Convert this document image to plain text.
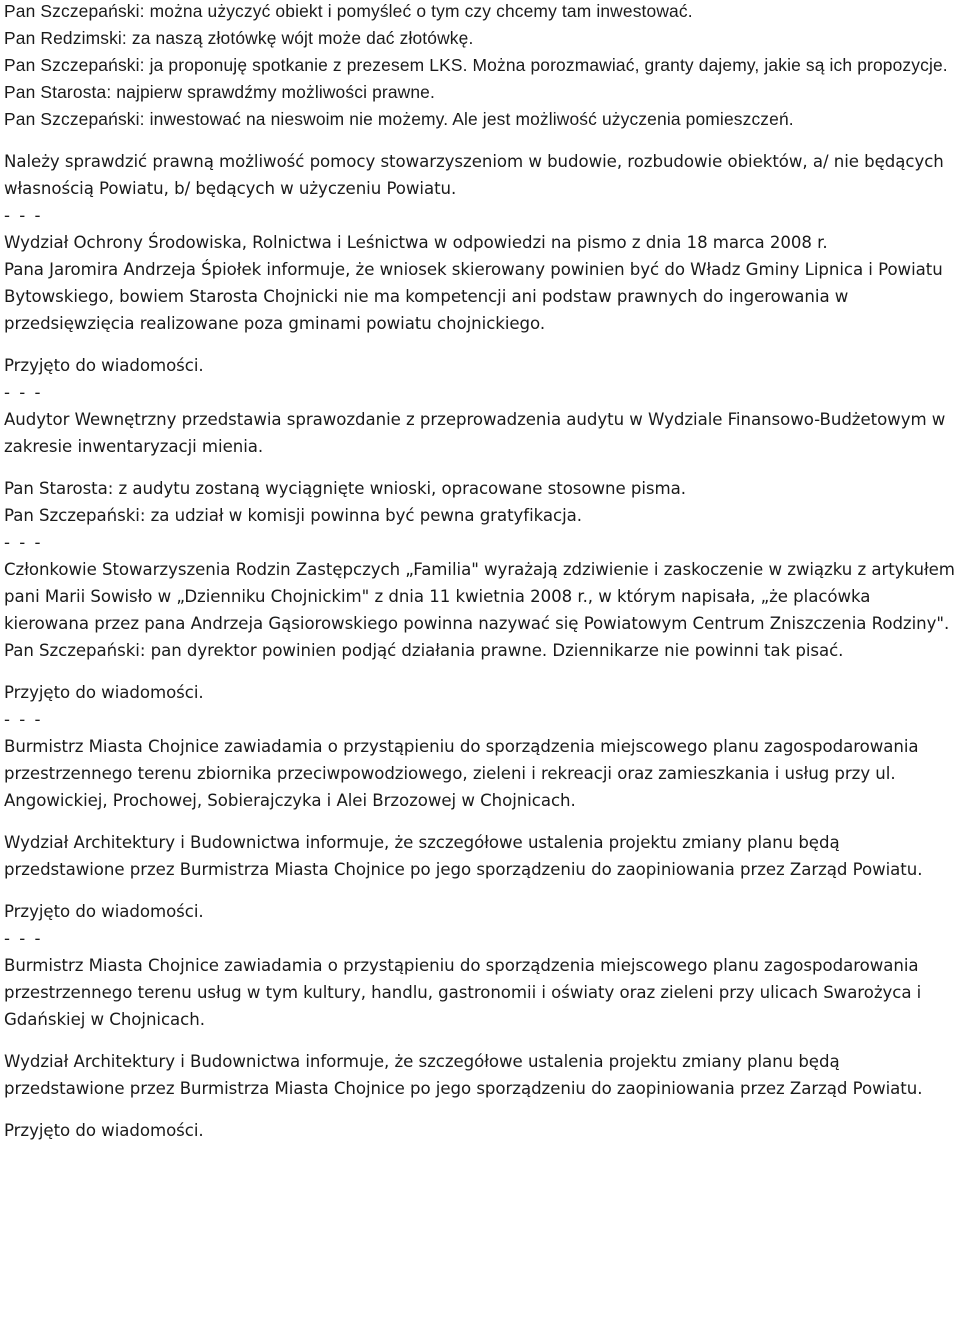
Pan Szczepański: można użyczyć obiekt i pomyśleć o tym czy chcemy tam inwestować.

Pan Redzimski: za naszą złotówkę wójt może dać złotówkę.

Pan Szczepański: ja proponuję spotkanie z prezesem LKS. Można porozmawiać, granty dajemy, jakie są ich propozycje.

Pan Starosta: najpierw sprawdźmy możliwości prawne.

Pan Szczepański: inwestować na nieswoim nie możemy. Ale jest możliwość użyczenia pomieszczeń.

Należy sprawdzić prawną możliwość pomocy stowarzyszeniom w budowie, rozbudowie obiektów, a/ nie będących własnością Powiatu, b/ będących w użyczeniu Powiatu.

- - -

Wydział Ochrony Środowiska, Rolnictwa i Leśnictwa w odpowiedzi na pismo z dnia 18 marca 2008 r.

Pana Jaromira Andrzeja Śpiołek informuje, że wniosek skierowany powinien być do Władz Gminy Lipnica i Powiatu Bytowskiego, bowiem Starosta Chojnicki nie ma kompetencji ani podstaw prawnych do ingerowania w przedsięwzięcia realizowane poza gminami powiatu chojnickiego.

Przyjęto do wiadomości.

- - -

Audytor Wewnętrzny przedstawia sprawozdanie z przeprowadzenia audytu w Wydziale Finansowo-Budżetowym w zakresie inwentaryzacji mienia.

Pan Starosta: z audytu zostaną wyciągnięte wnioski, opracowane stosowne pisma.

Pan Szczepański: za udział w komisji powinna być pewna gratyfikacja.

- - -

Członkowie Stowarzyszenia Rodzin Zastępczych „Familia" wyrażają zdziwienie i zaskoczenie w związku z artykułem pani Marii Sowisło w „Dzienniku Chojnickim" z dnia 11 kwietnia 2008 r., w którym napisała, „że placówka kierowana przez pana Andrzeja Gąsiorowskiego powinna nazywać się Powiatowym Centrum Zniszczenia Rodziny".

Pan Szczepański: pan dyrektor powinien podjąć działania prawne. Dziennikarze nie powinni tak pisać.

Przyjęto do wiadomości.

- - -

Burmistrz Miasta Chojnice zawiadamia o przystąpieniu do sporządzenia miejscowego planu zagospodarowania przestrzennego terenu zbiornika przeciwpowodziowego, zieleni i rekreacji oraz zamieszkania i usług przy ul. Angowickiej, Prochowej, Sobierajczyka i Alei Brzozowej w Chojnicach.

Wydział Architektury i Budownictwa informuje, że szczegółowe ustalenia projektu zmiany planu będą przedstawione przez Burmistrza Miasta Chojnice po jego sporządzeniu do zaopiniowania przez Zarząd Powiatu.

Przyjęto do wiadomości.

- - -

Burmistrz Miasta Chojnice zawiadamia o przystąpieniu do sporządzenia miejscowego planu zagospodarowania przestrzennego terenu usług w tym kultury, handlu, gastronomii i oświaty oraz zieleni przy ulicach Swarożyca i Gdańskiej w Chojnicach.

Wydział Architektury i Budownictwa informuje, że szczegółowe ustalenia projektu zmiany planu będą przedstawione przez Burmistrza Miasta Chojnice po jego sporządzeniu do zaopiniowania przez Zarząd Powiatu.

Przyjęto do wiadomości.
